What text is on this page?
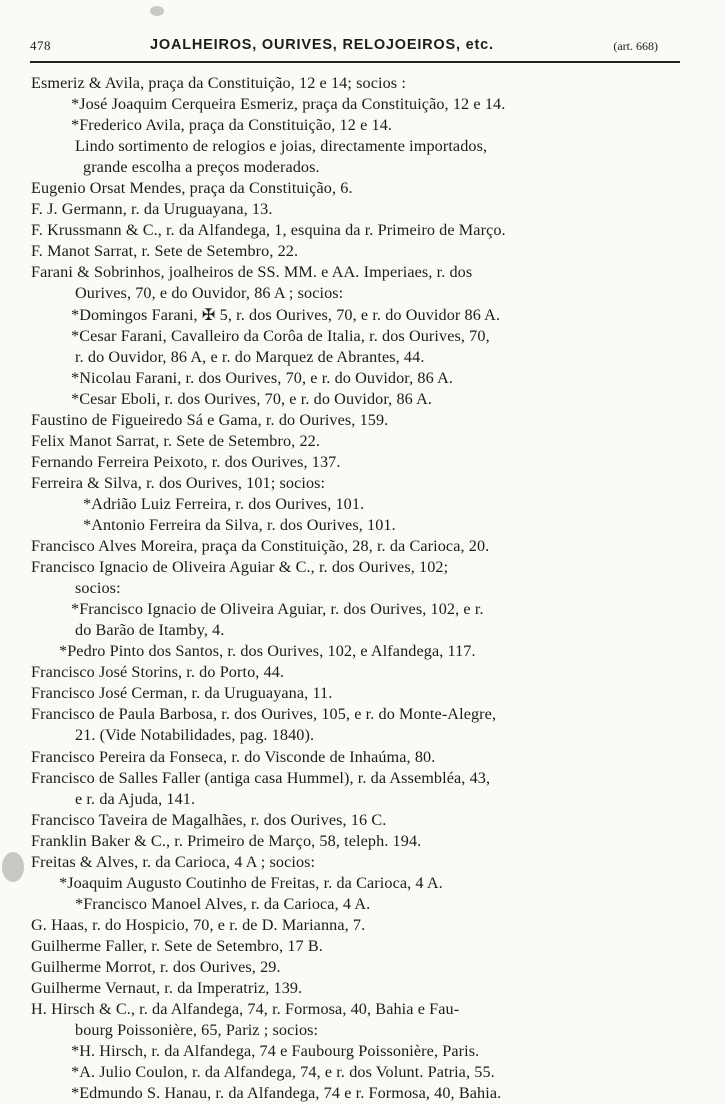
478	JOALHEIROS, OURIVES, RELOJOEIROS, etc.	(art. 668)
Esmeriz & Avila, praça da Constituição, 12 e 14; socios :
*José Joaquim Cerqueira Esmeriz, praça da Constituição, 12 e 14.
*Frederico Avila, praça da Constituição, 12 e 14.
Lindo sortimento de relogios e joias, directamente importados,
grande escolha a preços moderados.
Eugenio Orsat Mendes, praça da Constituição, 6.
F. J. Germann, r. da Uruguayana, 13.
F. Krussmann & C., r. da Alfandega, 1, esquina da r. Primeiro de Março.
F. Manot Sarrat, r. Sete de Setembro, 22.
Farani & Sobrinhos, joalheiros de SS. MM. e AA. Imperiaes, r. dos
Ourives, 70, e do Ouvidor, 86 A ; socios:
*Domingos Farani, ✠ 5, r. dos Ourives, 70, e r. do Ouvidor 86 A.
*Cesar Farani, Cavalleiro da Corôa de Italia, r. dos Ourives, 70,
r. do Ouvidor, 86 A, e r. do Marquez de Abrantes, 44.
*Nicolau Farani, r. dos Ourives, 70, e r. do Ouvidor, 86 A.
*Cesar Eboli, r. dos Ourives, 70, e r. do Ouvidor, 86 A.
Faustino de Figueiredo Sá e Gama, r. do Ourives, 159.
Felix Manot Sarrat, r. Sete de Setembro, 22.
Fernando Ferreira Peixoto, r. dos Ourives, 137.
Ferreira & Silva, r. dos Ourives, 101; socios:
*Adrião Luiz Ferreira, r. dos Ourives, 101.
*Antonio Ferreira da Silva, r. dos Ourives, 101.
Francisco Alves Moreira, praça da Constituição, 28, r. da Carioca, 20.
Francisco Ignacio de Oliveira Aguiar & C., r. dos Ourives, 102;
socios:
*Francisco Ignacio de Oliveira Aguiar, r. dos Ourives, 102, e r.
do Barão de Itamby, 4.
*Pedro Pinto dos Santos, r. dos Ourives, 102, e Alfandega, 117.
Francisco José Storins, r. do Porto, 44.
Francisco José Cerman, r. da Uruguayana, 11.
Francisco de Paula Barbosa, r. dos Ourives, 105, e r. do Monte-Alegre,
21. (Vide Notabilidades, pag. 1840).
Francisco Pereira da Fonseca, r. do Visconde de Inhaúma, 80.
Francisco de Salles Faller (antiga casa Hummel), r. da Assembléa, 43,
e r. da Ajuda, 141.
Francisco Taveira de Magalhães, r. dos Ourives, 16 C.
Franklin Baker & C., r. Primeiro de Março, 58, teleph. 194.
Freitas & Alves, r. da Carioca, 4 A ; socios:
*Joaquim Augusto Coutinho de Freitas, r. da Carioca, 4 A.
*Francisco Manoel Alves, r. da Carioca, 4 A.
G. Haas, r. do Hospicio, 70, e r. de D. Marianna, 7.
Guilherme Faller, r. Sete de Setembro, 17 B.
Guilherme Morrot, r. dos Ourives, 29.
Guilherme Vernaut, r. da Imperatriz, 139.
H. Hirsch & C., r. da Alfandega, 74, r. Formosa, 40, Bahia e Fau-
bourg Poissonière, 65, Pariz ; socios:
*H. Hirsch, r. da Alfandega, 74 e Faubourg Poissonière, Paris.
*A. Julio Coulon, r. da Alfandega, 74, e r. dos Volunt. Patria, 55.
*Edmundo S. Hanau, r. da Alfandega, 74 e r. Formosa, 40, Bahia.
